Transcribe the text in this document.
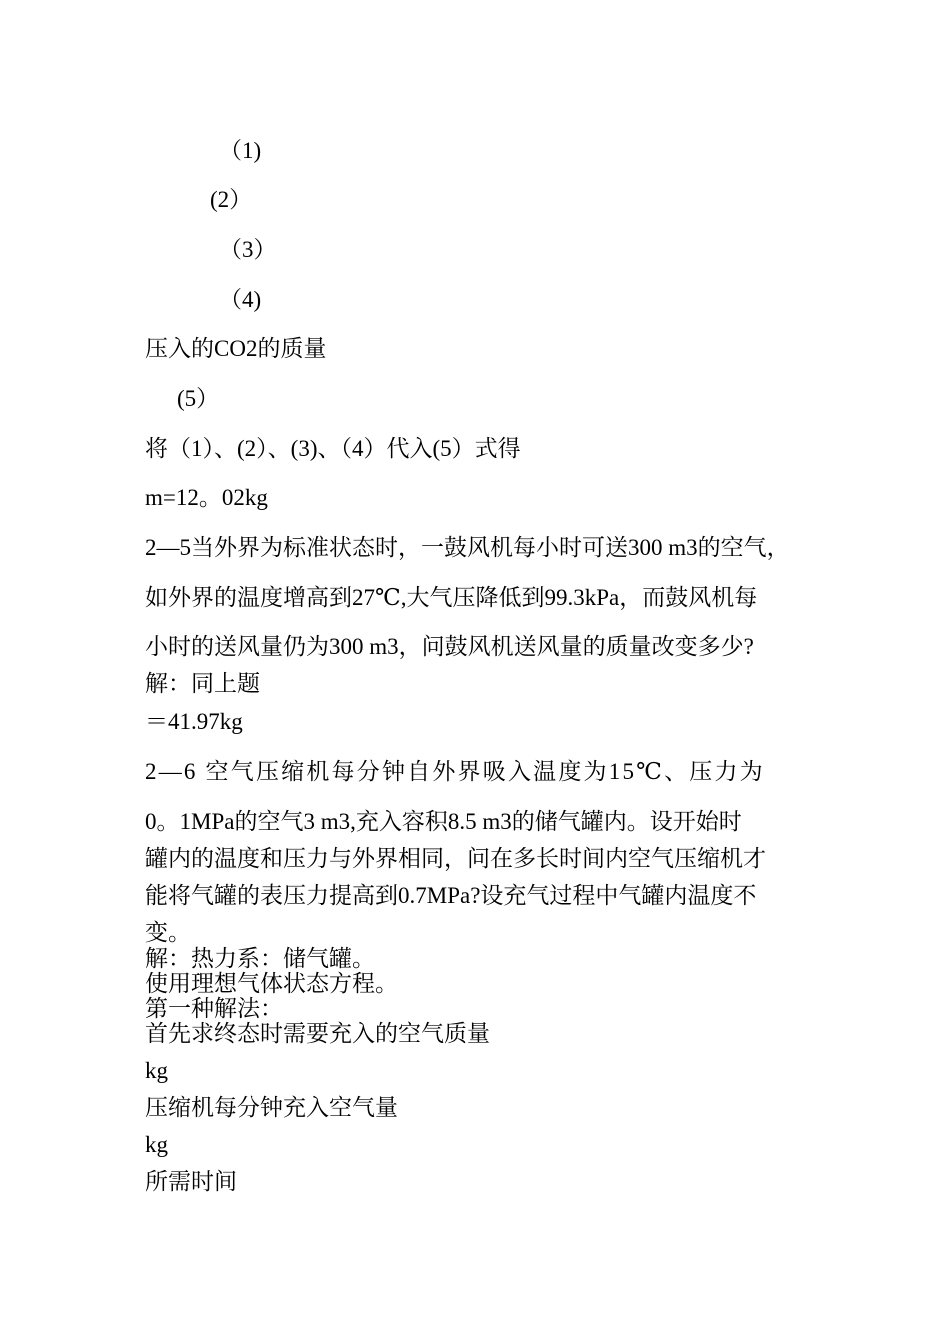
（1)
(2）
（3）
（4)
压入的CO2的质量
(5）
将（1）、(2）、(3)、（4）代入(5）式得
m=12。02kg
2—5当外界为标准状态时，一鼓风机每小时可送300 m3的空气，
如外界的温度增高到27℃,大气压降低到99.3kPa，而鼓风机每
小时的送风量仍为300 m3，问鼓风机送风量的质量改变多少?
解：同上题
＝41.97kg
2—6 空气压缩机每分钟自外界吸入温度为15℃、压力为
0。1MPa的空气3 m3,充入容积8.5 m3的储气罐内。设开始时
罐内的温度和压力与外界相同，问在多长时间内空气压缩机才
能将气罐的表压力提高到0.7MPa?设充气过程中气罐内温度不
变。
解：热力系：储气罐。
使用理想气体状态方程。
第一种解法：
首先求终态时需要充入的空气质量
kg
压缩机每分钟充入空气量
kg
所需时间
